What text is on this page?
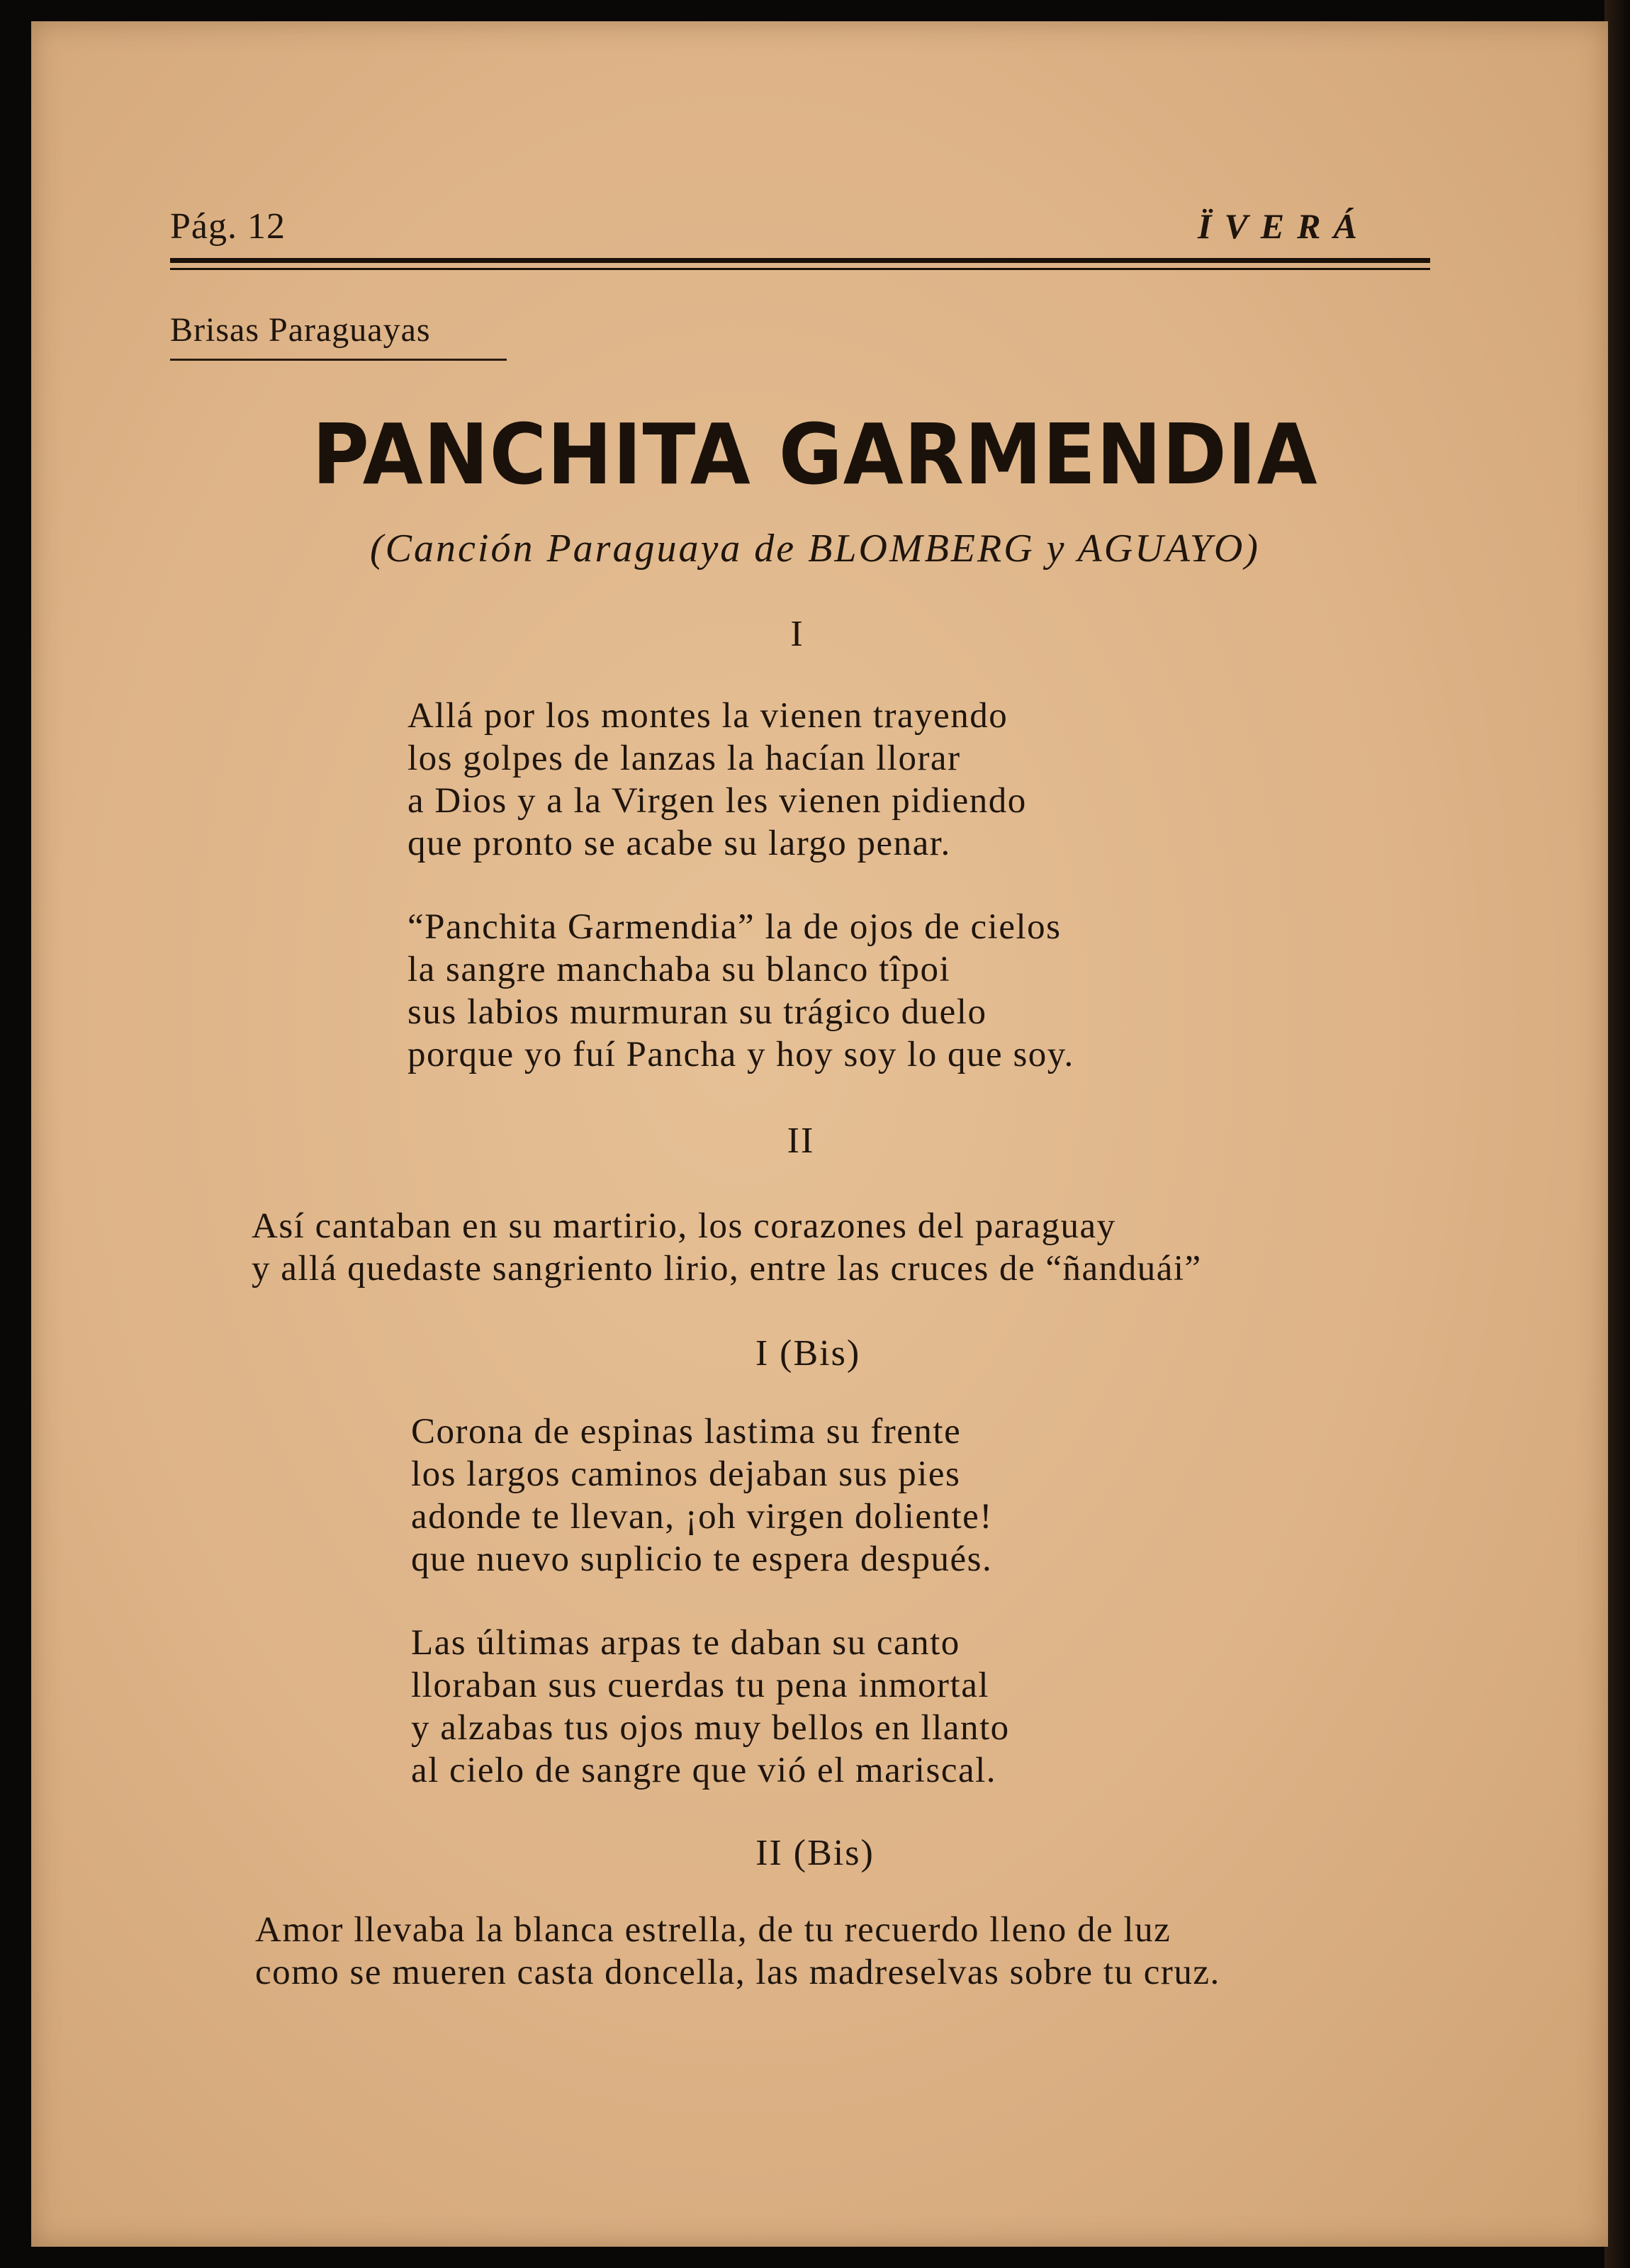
Pág. 12	ÏVERÁ
Brisas Paraguayas
PANCHITA GARMENDIA
(Canción Paraguaya de BLOMBERG y AGUAYO)
I
Allá por los montes la vienen trayendo
los golpes de lanzas la hacían llorar
a Dios y a la Virgen les vienen pidiendo
que pronto se acabe su largo penar.
“Panchita Garmendia” la de ojos de cielos
la sangre manchaba su blanco tîpoi
sus labios murmuran su trágico duelo
porque yo fuí Pancha y hoy soy lo que soy.
II
Así cantaban en su martirio, los corazones del paraguay
y allá quedaste sangriento lirio, entre las cruces de “ñanduái”
I (Bis)
Corona de espinas lastima su frente
los largos caminos dejaban sus pies
adonde te llevan, ¡oh virgen doliente!
que nuevo suplicio te espera después.
Las últimas arpas te daban su canto
lloraban sus cuerdas tu pena inmortal
y alzabas tus ojos muy bellos en llanto
al cielo de sangre que vió el mariscal.
II (Bis)
Amor llevaba la blanca estrella, de tu recuerdo lleno de luz
como se mueren casta doncella, las madreselvas sobre tu cruz.
